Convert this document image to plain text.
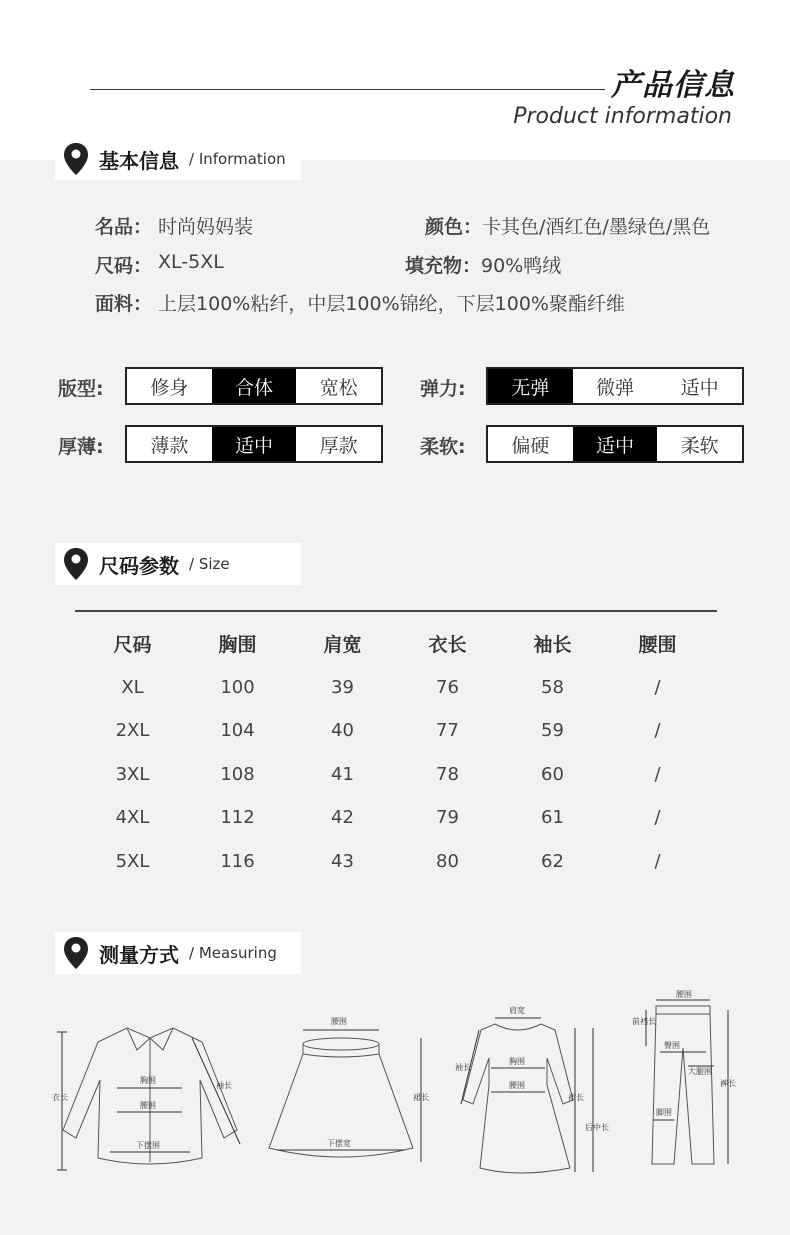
产品信息
Product information
基本信息 / Information
名品： 时尚妈妈装	颜色： 卡其色/酒红色/墨绿色/黑色
尺码： XL-5XL	填充物： 90%鸭绒
面料： 上层100%粘纤，中层100%锦纶，下层100%聚酯纤维
版型:	修身	合体	宽松	弹力:	无弹	微弹	适中
厚薄:	薄款	适中	厚款	柔软:	偏硬	适中	柔软
尺码参数 / Size
尺码	胸围	肩宽	衣长	袖长	腰围
XL	100	39	76	58	/
2XL	104	40	77	59	/
3XL	108	41	78	60	/
4XL	112	42	79	61	/
5XL	116	43	80	62	/
测量方式 / Measuring
胸围
腰围
下摆围
衣长
袖长
腰围
下摆宽
裙长
肩宽
胸围
腰围
袖长
裙长
后中长
腰围
前裆长
臀围
大腿围
脚围
裤长
